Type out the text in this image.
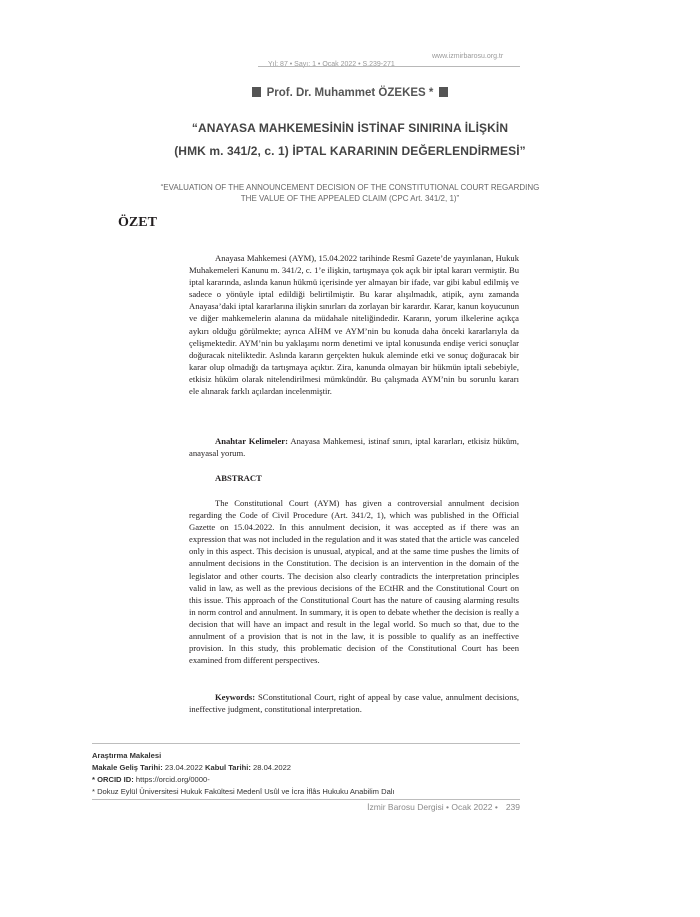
www.izmirbarosu.org.tr
Yıl: 87 • Sayı: 1 • Ocak 2022 • S.239-271
Prof. Dr. Muhammet ÖZEKES *
“ANAYASA MAHKEMESİNİN İSTİNAF SINIRINA İLİŞKİN
(HMK m. 341/2, c. 1) İPTAL KARARININ DEĞERLENDİRMESİ”
“EVALUATION OF THE ANNOUNCEMENT DECISION OF THE CONSTITUTIONAL COURT REGARDING
THE VALUE OF THE APPEALED CLAIM (CPC Art. 341/2, 1)”
ÖZET
Anayasa Mahkemesi (AYM), 15.04.2022 tarihinde Resmî Gazete’de yayınlanan, Hukuk Muhakemeleri Kanunu m. 341/2, c. 1’e ilişkin, tartışmaya çok açık bir iptal kararı vermiştir. Bu iptal kararında, aslında kanun hükmü içerisinde yer almayan bir ifade, var gibi kabul edilmiş ve sadece o yönüyle iptal edildiği belirtilmiştir. Bu karar alışılmadık, atipik, aynı zamanda Anayasa’daki iptal kararlarına ilişkin sınırları da zorlayan bir karardır. Karar, kanun koyucunun ve diğer mahkemelerin alanına da müdahale niteliğindedir. Kararın, yorum ilkelerine açıkça aykırı olduğu görülmekte; ayrıca AİHM ve AYM’nin bu konuda daha önceki kararlarıyla da çelişmektedir. AYM’nin bu yaklaşımı norm denetimi ve iptal konusunda endişe verici sonuçlar doğuracak niteliktedir. Aslında kararın gerçekten hukuk aleminde etki ve sonuç doğuracak bir karar olup olmadığı da tartışmaya açıktır. Zira, kanunda olmayan bir hükmün iptali sebebiyle, etkisiz hüküm olarak nitelendirilmesi mümkündür. Bu çalışmada AYM’nin bu sorunlu kararı ele alınarak farklı açılardan incelenmiştir.
Anahtar Kelimeler: Anayasa Mahkemesi, istinaf sınırı, iptal kararları, etkisiz hüküm, anayasal yorum.
ABSTRACT
The Constitutional Court (AYM) has given a controversial annulment decision regarding the Code of Civil Procedure (Art. 341/2, 1), which was published in the Official Gazette on 15.04.2022. In this annulment decision, it was accepted as if there was an expression that was not included in the regulation and it was stated that the article was canceled only in this aspect. This decision is unusual, atypical, and at the same time pushes the limits of annulment decisions in the Constitution. The decision is an intervention in the domain of the legislator and other courts. The decision also clearly contradicts the interpretation principles valid in law, as well as the previous decisions of the ECtHR and the Constitutional Court on this issue. This approach of the Constitutional Court has the nature of causing alarming results in norm control and annulment. In summary, it is open to debate whether the decision is really a decision that will have an impact and result in the legal world. So much so that, due to the annulment of a provision that is not in the law, it is possible to qualify as an ineffective provision. In this study, this problematic decision of the Constitutional Court has been examined from different perspectives.
Keywords: SConstitutional Court, right of appeal by case value, annulment decisions, ineffective judgment, constitutional interpretation.
Araştırma Makalesi
Makale Geliş Tarihi: 23.04.2022 Kabul Tarihi: 28.04.2022
* ORCID ID: https://orcid.org/0000-
* Dokuz Eylül Üniversitesi Hukuk Fakültesi Medenî Usûl ve İcra İflâs Hukuku Anabilim Dalı
İzmir Barosu Dergisi • Ocak 2022 • 239
